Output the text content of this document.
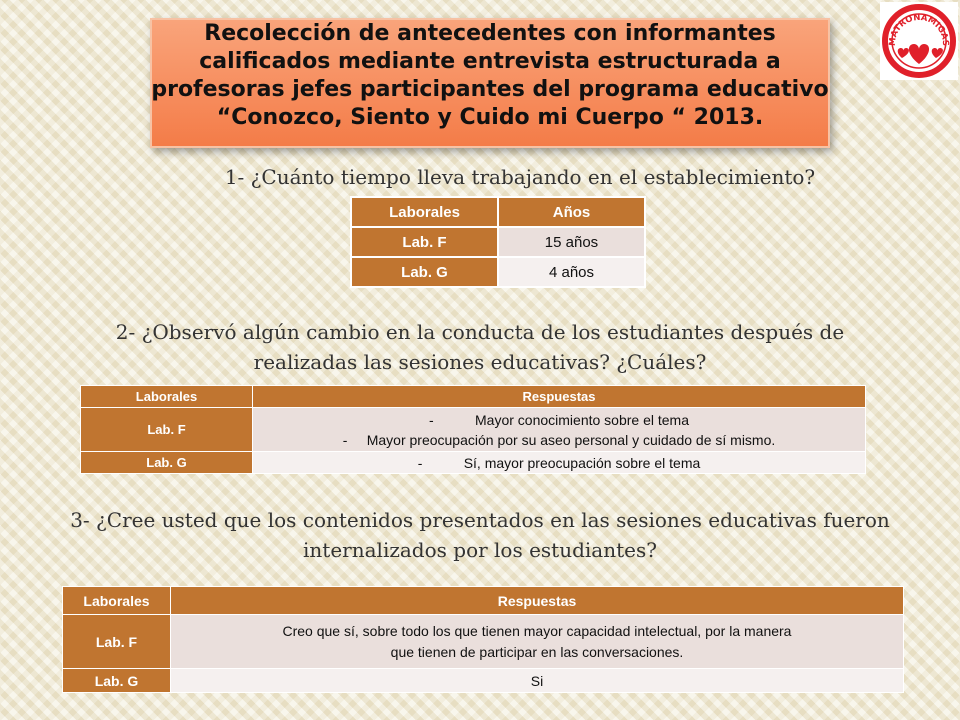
Recolección de antecedentes con informantes calificados mediante entrevista estructurada a profesoras jefes participantes del programa educativo “Conozco, Siento y Cuido mi Cuerpo “ 2013.

MATRONAMIGAS

1- ¿Cuánto tiempo lleva trabajando en el establecimiento?

Laborales	Años
Lab. F	15 años
Lab. G	4 años

2- ¿Observó algún cambio en la conducta de los estudiantes después de
realizadas las sesiones educativas? ¿Cuáles?

Laborales	Respuestas
Lab. F	- Mayor conocimiento sobre el tema
- Mayor preocupación por su aseo personal y cuidado de sí mismo.

Lab. G	- Sí, mayor preocupación sobre el tema

3- ¿Cree usted que los contenidos presentados en las sesiones educativas fueron
internalizados por los estudiantes?

Laborales	Respuestas
Lab. F	Creo que sí, sobre todo los que tienen mayor capacidad intelectual, por la manera
que tienen de participar en las conversaciones.

Lab. G	Si
